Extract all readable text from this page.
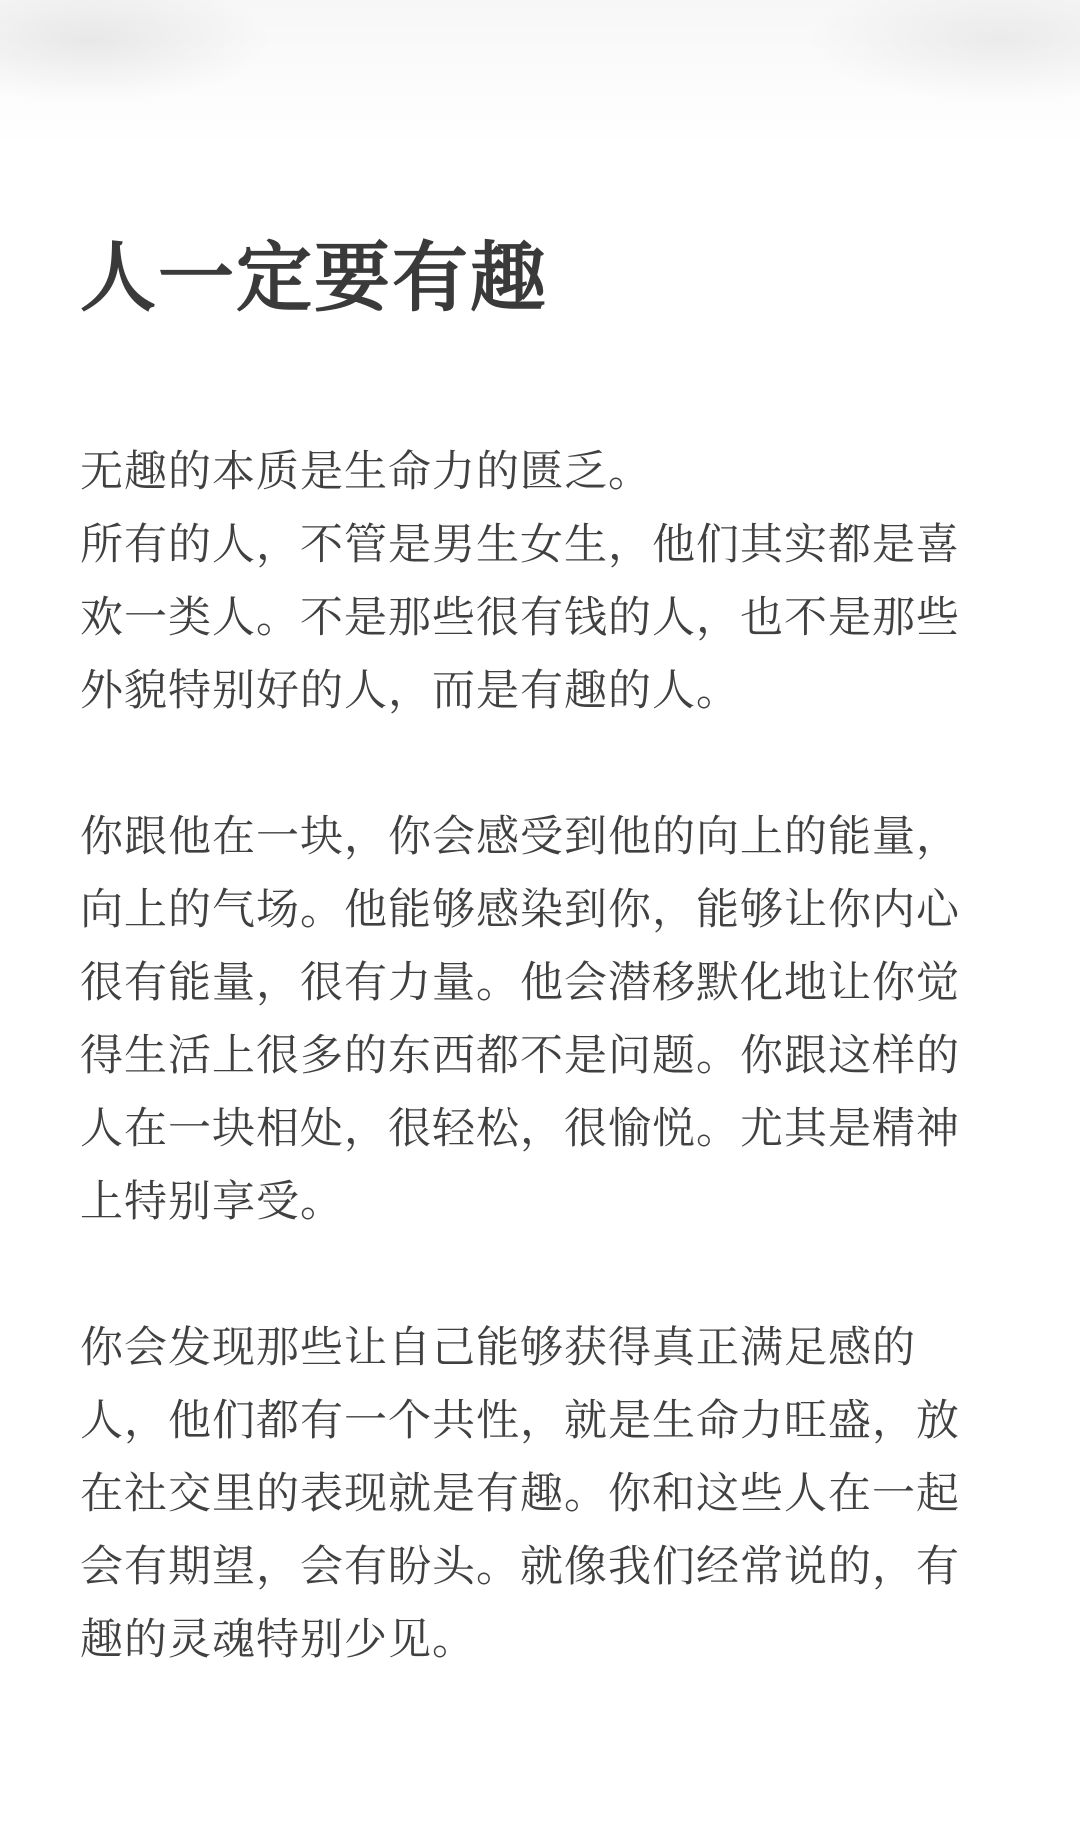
人一定要有趣
无趣的本质是生命力的匮乏。
所有的人，不管是男生女生，他们其实都是喜
欢一类人。不是那些很有钱的人，也不是那些
外貌特别好的人，而是有趣的人。
你跟他在一块，你会感受到他的向上的能量，
向上的气场。他能够感染到你，能够让你内心
很有能量，很有力量。他会潜移默化地让你觉
得生活上很多的东西都不是问题。你跟这样的
人在一块相处，很轻松，很愉悦。尤其是精神
上特别享受。
你会发现那些让自己能够获得真正满足感的
人，他们都有一个共性，就是生命力旺盛，放
在社交里的表现就是有趣。你和这些人在一起
会有期望，会有盼头。就像我们经常说的，有
趣的灵魂特别少见。
